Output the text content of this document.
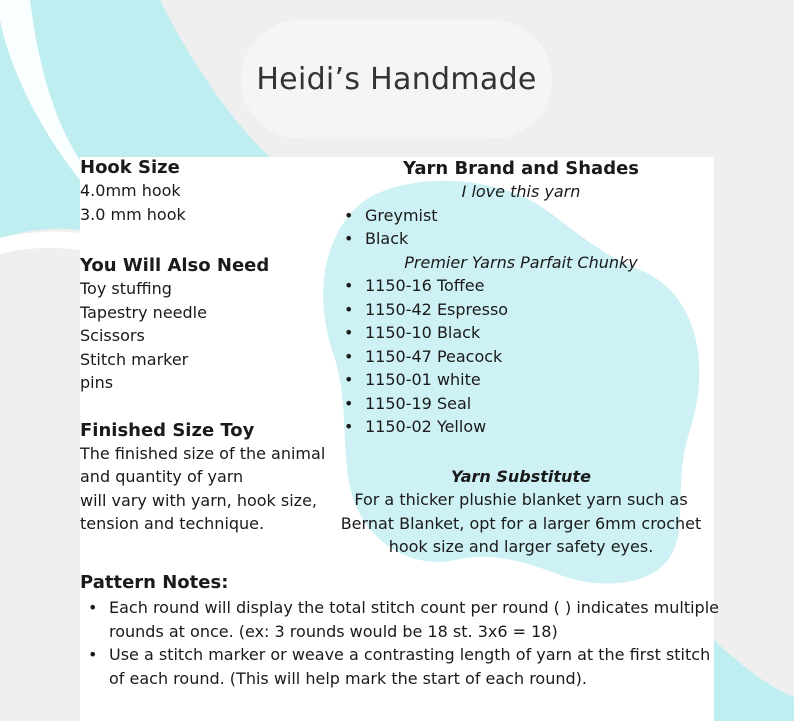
Heidi’s Handmade
Hook Size
4.0mm hook
3.0 mm hook
You Will Also Need
Toy stuffing
Tapestry needle
Scissors
Stitch marker
pins
Finished Size Toy
The finished size of the animal
and quantity of yarn
will vary with yarn, hook size,
tension and technique.
Yarn Brand and Shades
I love this yarn
• Greymist
• Black
Premier Yarns Parfait Chunky
• 1150-16 Toffee
• 1150-42 Espresso
• 1150-10 Black
• 1150-47 Peacock
• 1150-01 white
• 1150-19 Seal
• 1150-02 Yellow
Yarn Substitute
For a thicker plushie blanket yarn such as
Bernat Blanket, opt for a larger 6mm crochet
hook size and larger safety eyes.
Pattern Notes:
• Each round will display the total stitch count per round ( ) indicates multiple rounds at once. (ex: 3 rounds would be 18 st. 3x6 = 18)
• Use a stitch marker or weave a contrasting length of yarn at the first stitch of each round. (This will help mark the start of each round).
